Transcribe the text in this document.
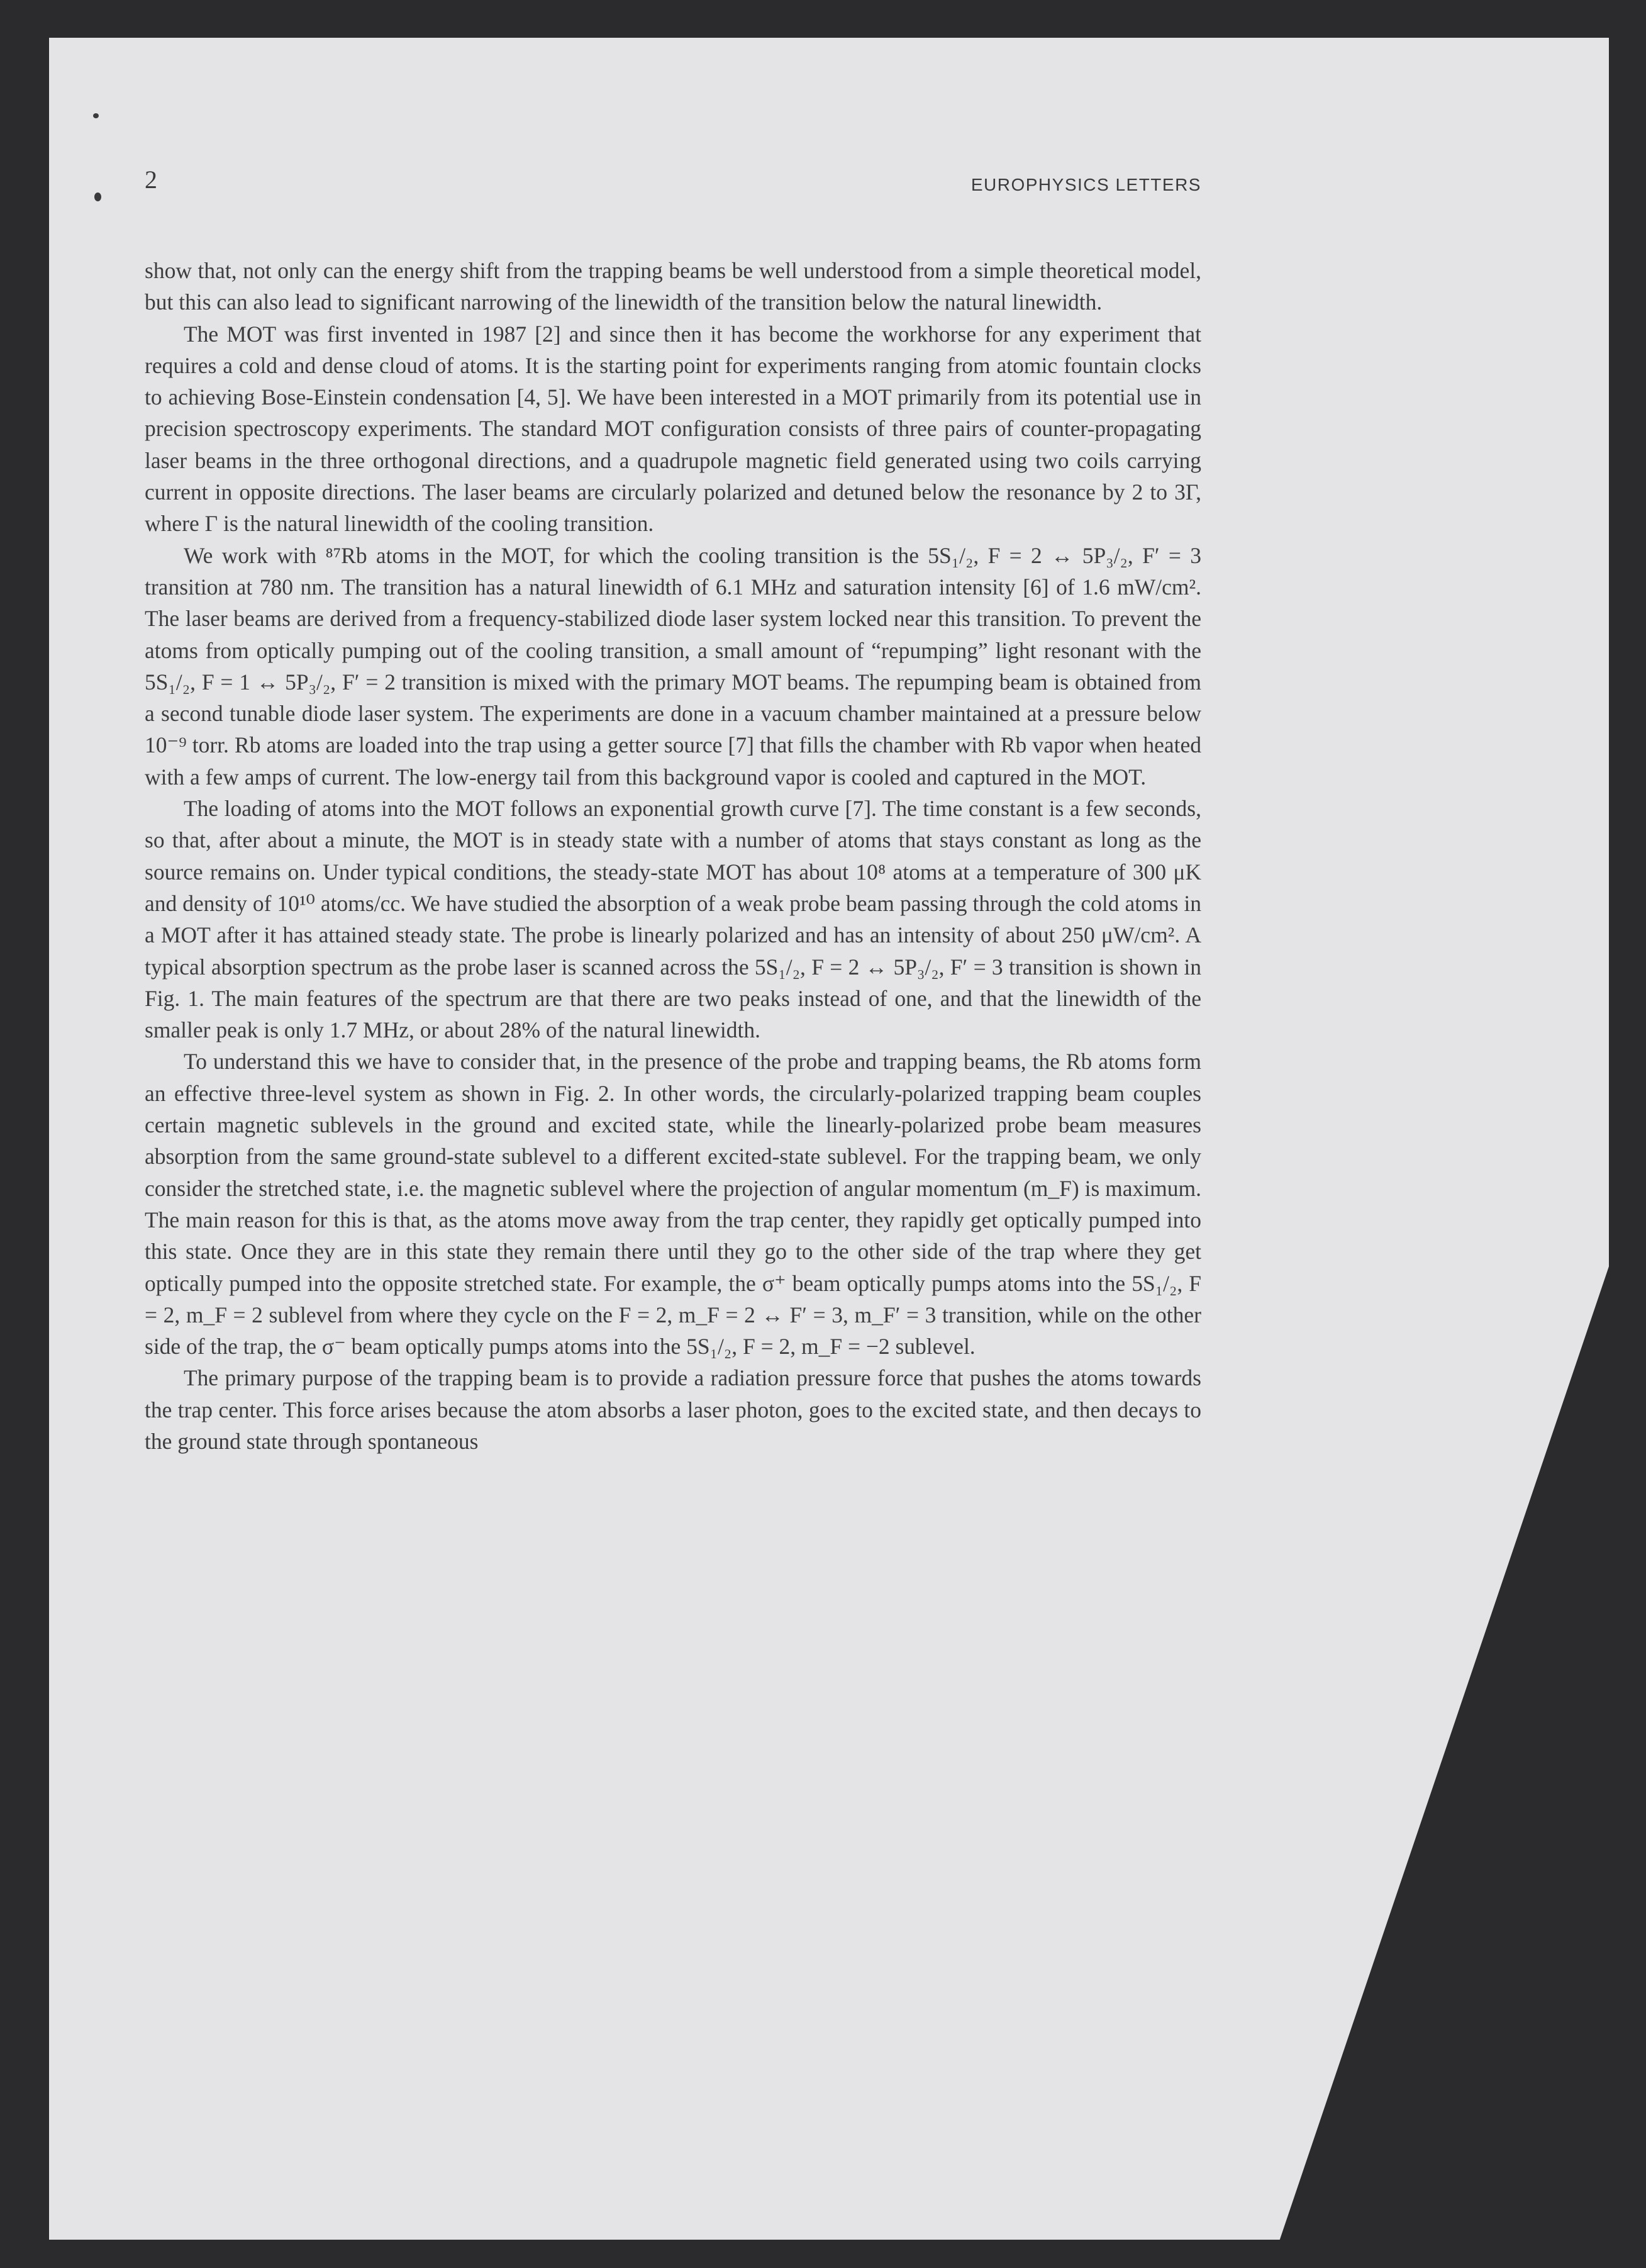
2	EUROPHYSICS LETTERS

show that, not only can the energy shift from the trapping beams be well understood from a simple theoretical model, but this can also lead to significant narrowing of the linewidth of the transition below the natural linewidth.

The MOT was first invented in 1987 [2] and since then it has become the workhorse for any experiment that requires a cold and dense cloud of atoms. It is the starting point for experiments ranging from atomic fountain clocks to achieving Bose-Einstein condensation [4, 5]. We have been interested in a MOT primarily from its potential use in precision spectroscopy experiments. The standard MOT configuration consists of three pairs of counter-propagating laser beams in the three orthogonal directions, and a quadrupole magnetic field generated using two coils carrying current in opposite directions. The laser beams are circularly polarized and detuned below the resonance by 2 to 3Γ, where Γ is the natural linewidth of the cooling transition.

We work with ⁸⁷Rb atoms in the MOT, for which the cooling transition is the 5S₁/₂, F = 2 ↔ 5P₃/₂, F′ = 3 transition at 780 nm. The transition has a natural linewidth of 6.1 MHz and saturation intensity [6] of 1.6 mW/cm². The laser beams are derived from a frequency-stabilized diode laser system locked near this transition. To prevent the atoms from optically pumping out of the cooling transition, a small amount of “repumping” light resonant with the 5S₁/₂, F = 1 ↔ 5P₃/₂, F′ = 2 transition is mixed with the primary MOT beams. The repumping beam is obtained from a second tunable diode laser system. The experiments are done in a vacuum chamber maintained at a pressure below 10⁻⁹ torr. Rb atoms are loaded into the trap using a getter source [7] that fills the chamber with Rb vapor when heated with a few amps of current. The low-energy tail from this background vapor is cooled and captured in the MOT.

The loading of atoms into the MOT follows an exponential growth curve [7]. The time constant is a few seconds, so that, after about a minute, the MOT is in steady state with a number of atoms that stays constant as long as the source remains on. Under typical conditions, the steady-state MOT has about 10⁸ atoms at a temperature of 300 μK and density of 10¹⁰ atoms/cc. We have studied the absorption of a weak probe beam passing through the cold atoms in a MOT after it has attained steady state. The probe is linearly polarized and has an intensity of about 250 μW/cm². A typical absorption spectrum as the probe laser is scanned across the 5S₁/₂, F = 2 ↔ 5P₃/₂, F′ = 3 transition is shown in Fig. 1. The main features of the spectrum are that there are two peaks instead of one, and that the linewidth of the smaller peak is only 1.7 MHz, or about 28% of the natural linewidth.

To understand this we have to consider that, in the presence of the probe and trapping beams, the Rb atoms form an effective three-level system as shown in Fig. 2. In other words, the circularly-polarized trapping beam couples certain magnetic sublevels in the ground and excited state, while the linearly-polarized probe beam measures absorption from the same ground-state sublevel to a different excited-state sublevel. For the trapping beam, we only consider the stretched state, i.e. the magnetic sublevel where the projection of angular momentum (m_F) is maximum. The main reason for this is that, as the atoms move away from the trap center, they rapidly get optically pumped into this state. Once they are in this state they remain there until they go to the other side of the trap where they get optically pumped into the opposite stretched state. For example, the σ⁺ beam optically pumps atoms into the 5S₁/₂, F = 2, m_F = 2 sublevel from where they cycle on the F = 2, m_F = 2 ↔ F′ = 3, m_F′ = 3 transition, while on the other side of the trap, the σ⁻ beam optically pumps atoms into the 5S₁/₂, F = 2, m_F = −2 sublevel.

The primary purpose of the trapping beam is to provide a radiation pressure force that pushes the atoms towards the trap center. This force arises because the atom absorbs a laser photon, goes to the excited state, and then decays to the ground state through spontaneous
